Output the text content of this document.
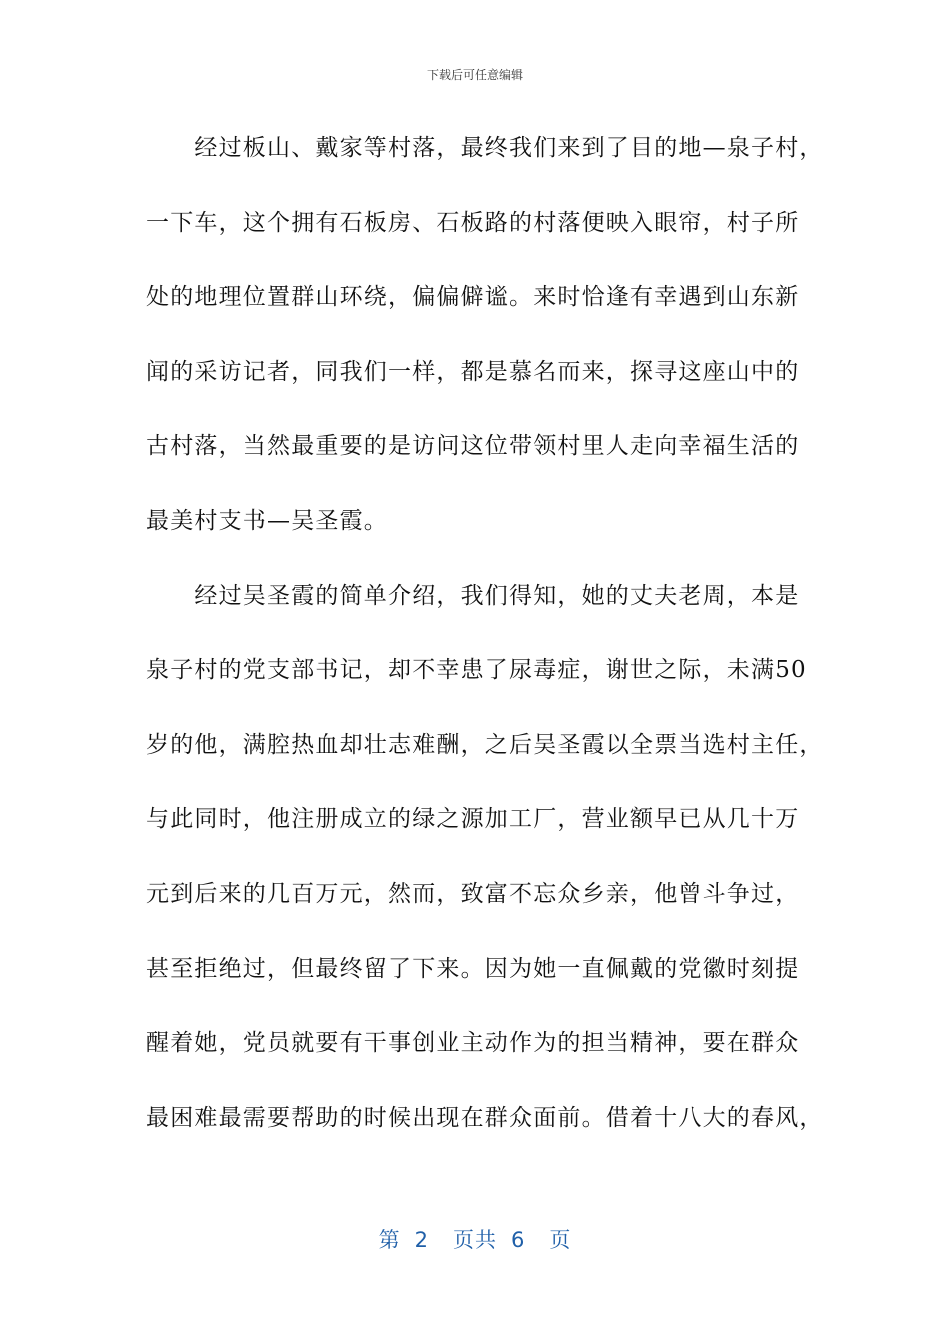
下载后可任意编辑
　　经过板山、戴家等村落，最终我们来到了目的地—泉子村，
一下车，这个拥有石板房、石板路的村落便映入眼帘，村子所
处的地理位置群山环绕，偏偏僻谧。来时恰逢有幸遇到山东新
闻的采访记者，同我们一样，都是慕名而来，探寻这座山中的
古村落，当然最重要的是访问这位带领村里人走向幸福生活的
最美村支书—吴圣霞。
　　经过吴圣霞的简单介绍，我们得知，她的丈夫老周，本是
泉子村的党支部书记，却不幸患了尿毒症，谢世之际，未满50
岁的他，满腔热血却壮志难酬，之后吴圣霞以全票当选村主任，
与此同时，他注册成立的绿之源加工厂，营业额早已从几十万
元到后来的几百万元，然而，致富不忘众乡亲，他曾斗争过，
甚至拒绝过，但最终留了下来。因为她一直佩戴的党徽时刻提
醒着她，党员就要有干事创业主动作为的担当精神，要在群众
最困难最需要帮助的时候出现在群众面前。借着十八大的春风，
第 2 页共 6 页
